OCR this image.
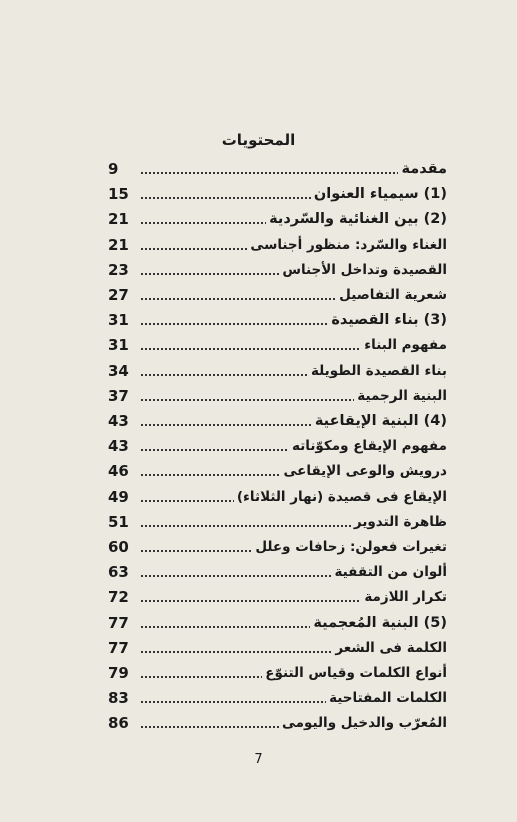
المحتويات
مقدمة
9
(1) سيمياء العنوان
15
(2) بين الغنائية والسّردية
21
الغناء والسّرد: منظور أجناسى
21
القصيدة وتداخل الأجناس
23
شعرية التفاصيل
27
(3) بناء القصيدة
31
مفهوم البناء
31
بناء القصيدة الطويلة
34
البنية الرجمية
37
(4) البنية الإيقاعية
43
مفهوم الإيقاع ومكوّناته
43
درويش والوعى الإيقاعى
46
الإيقاع فى قصيدة (نهار الثلاثاء)
49
ظاهرة التدوير
51
تغيرات فعولن: زحافات وعلل
60
ألوان من التقفية
63
تكرار اللازمة
72
(5) البنية المُعجمية
77
الكلمة فى الشعر
77
أنواع الكلمات وقياس التنوّع
79
الكلمات المفتاحية
83
المُعرّب والدخيل واليومى
86
7
